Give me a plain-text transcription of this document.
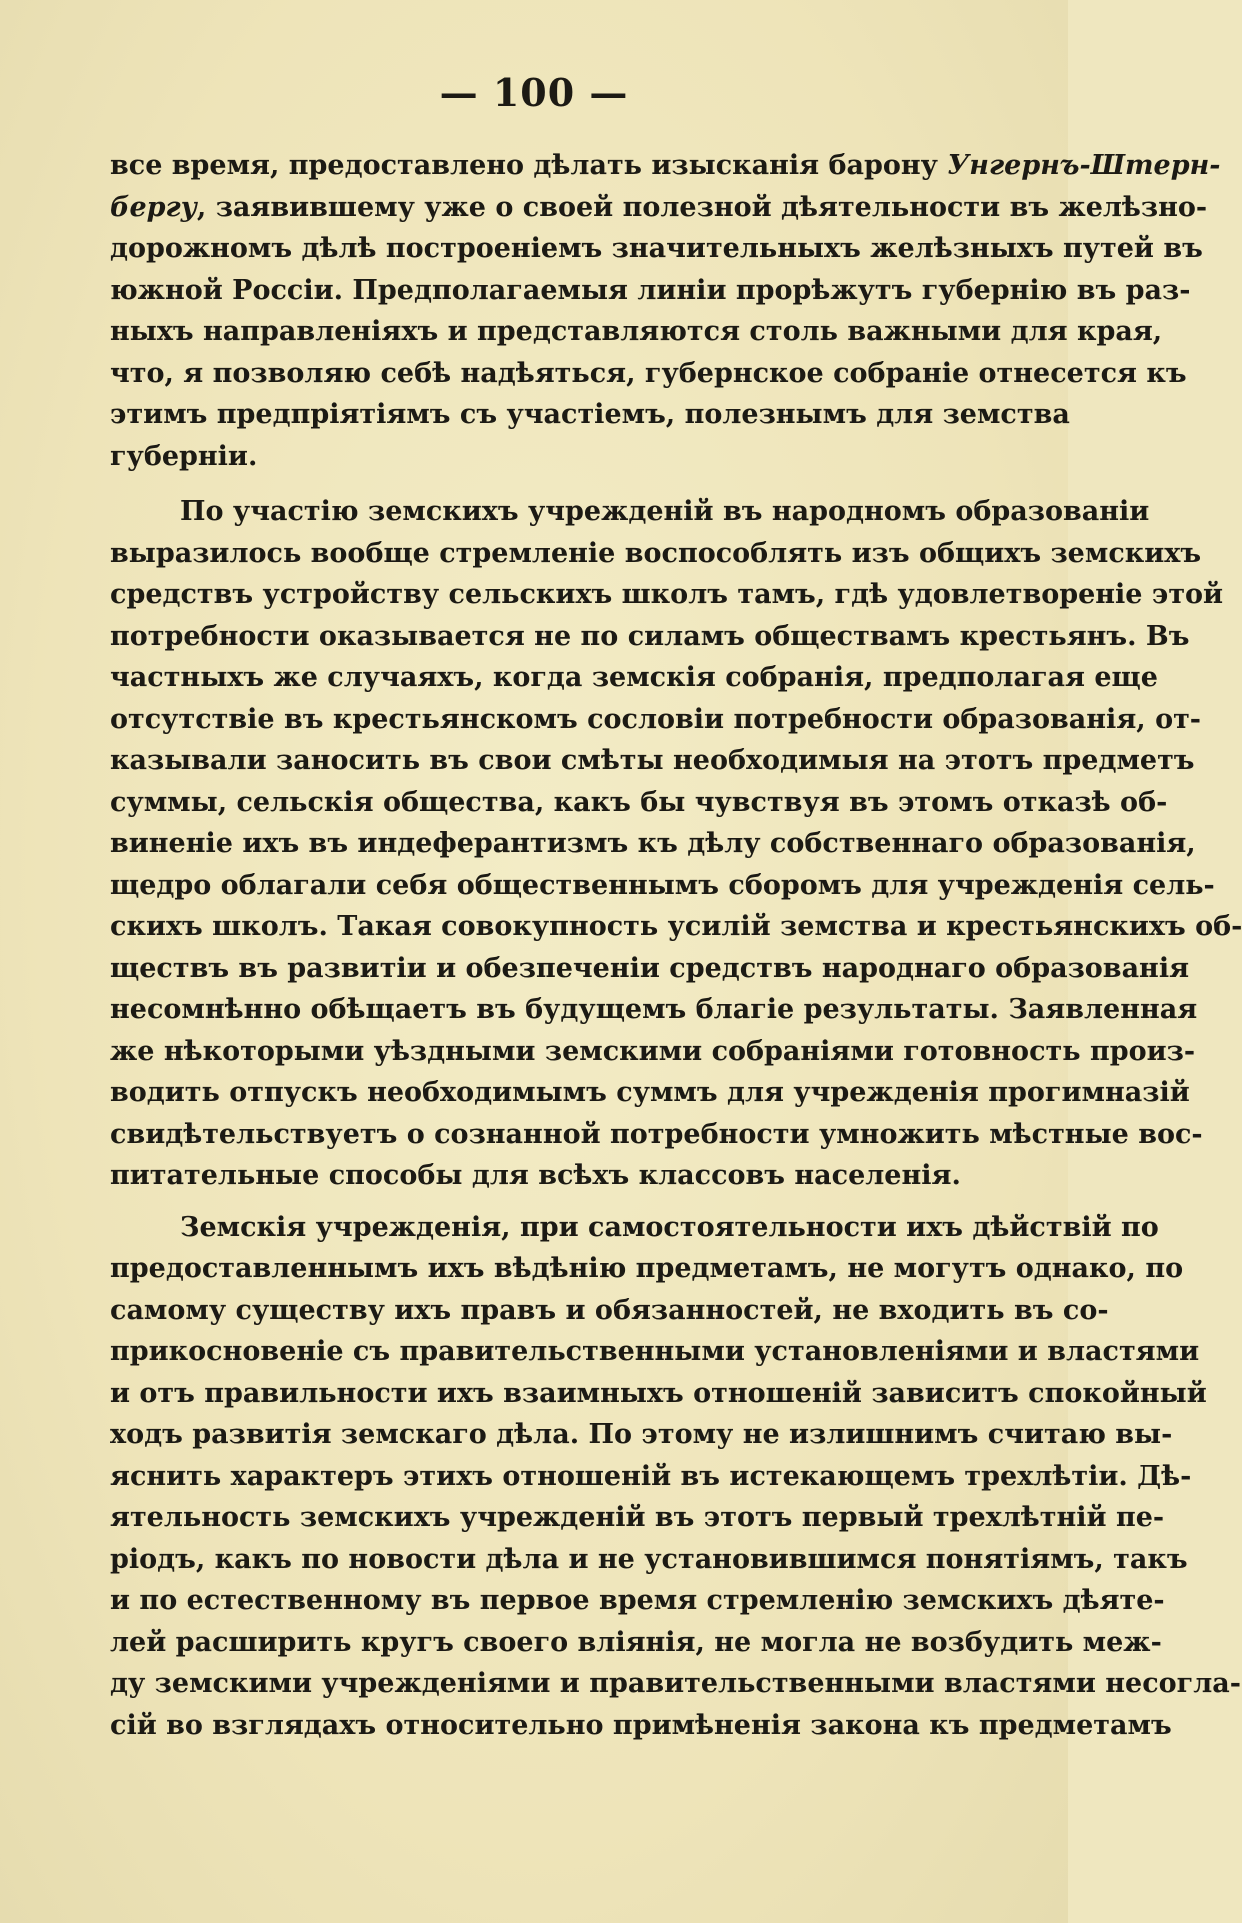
— 100 —
все время, предоставлено дѣлать изысканія барону Унгернъ-Штерн-
бергу, заявившему уже о своей полезной дѣятельности въ желѣзно-
дорожномъ дѣлѣ построеніемъ значительныхъ желѣзныхъ путей въ
южной Россіи. Предполагаемыя линіи прорѣжутъ губернію въ раз-
ныхъ направленіяхъ и представляются столь важными для края,
что, я позволяю себѣ надѣяться, губернское собраніе отнесется къ
этимъ предпріятіямъ съ участіемъ, полезнымъ для земства
губерніи.
По участію земскихъ учрежденій въ народномъ образованіи
выразилось вообще стремленіе воспособлять изъ общихъ земскихъ
средствъ устройству сельскихъ школъ тамъ, гдѣ удовлетвореніе этой
потребности оказывается не по силамъ обществамъ крестьянъ. Въ
частныхъ же случаяхъ, когда земскія собранія, предполагая еще
отсутствіе въ крестьянскомъ сословіи потребности образованія, от-
казывали заносить въ свои смѣты необходимыя на этотъ предметъ
суммы, сельскія общества, какъ бы чувствуя въ этомъ отказѣ об-
виненіе ихъ въ индеферантизмъ къ дѣлу собственнаго образованія,
щедро облагали себя общественнымъ сборомъ для учрежденія сель-
скихъ школъ. Такая совокупность усилій земства и крестьянскихъ об-
ществъ въ развитіи и обезпеченіи средствъ народнаго образованія
несомнѣнно обѣщаетъ въ будущемъ благіе результаты. Заявленная
же нѣкоторыми уѣздными земскими собраніями готовность произ-
водить отпускъ необходимымъ суммъ для учрежденія прогимназій
свидѣтельствуетъ о сознанной потребности умножить мѣстные вос-
питательные способы для всѣхъ классовъ населенія.
Земскія учрежденія, при самостоятельности ихъ дѣйствій по
предоставленнымъ ихъ вѣдѣнію предметамъ, не могутъ однако, по
самому существу ихъ правъ и обязанностей, не входить въ со-
прикосновеніе съ правительственными установленіями и властями
и отъ правильности ихъ взаимныхъ отношеній зависитъ спокойный
ходъ развитія земскаго дѣла. По этому не излишнимъ считаю вы-
яснить характеръ этихъ отношеній въ истекающемъ трехлѣтіи. Дѣ-
ятельность земскихъ учрежденій въ этотъ первый трехлѣтній пе-
ріодъ, какъ по новости дѣла и не установившимся понятіямъ, такъ
и по естественному въ первое время стремленію земскихъ дѣяте-
лей расширить кругъ своего вліянія, не могла не возбудить меж-
ду земскими учрежденіями и правительственными властями несогла-
сій во взглядахъ относительно примѣненія закона къ предметамъ
